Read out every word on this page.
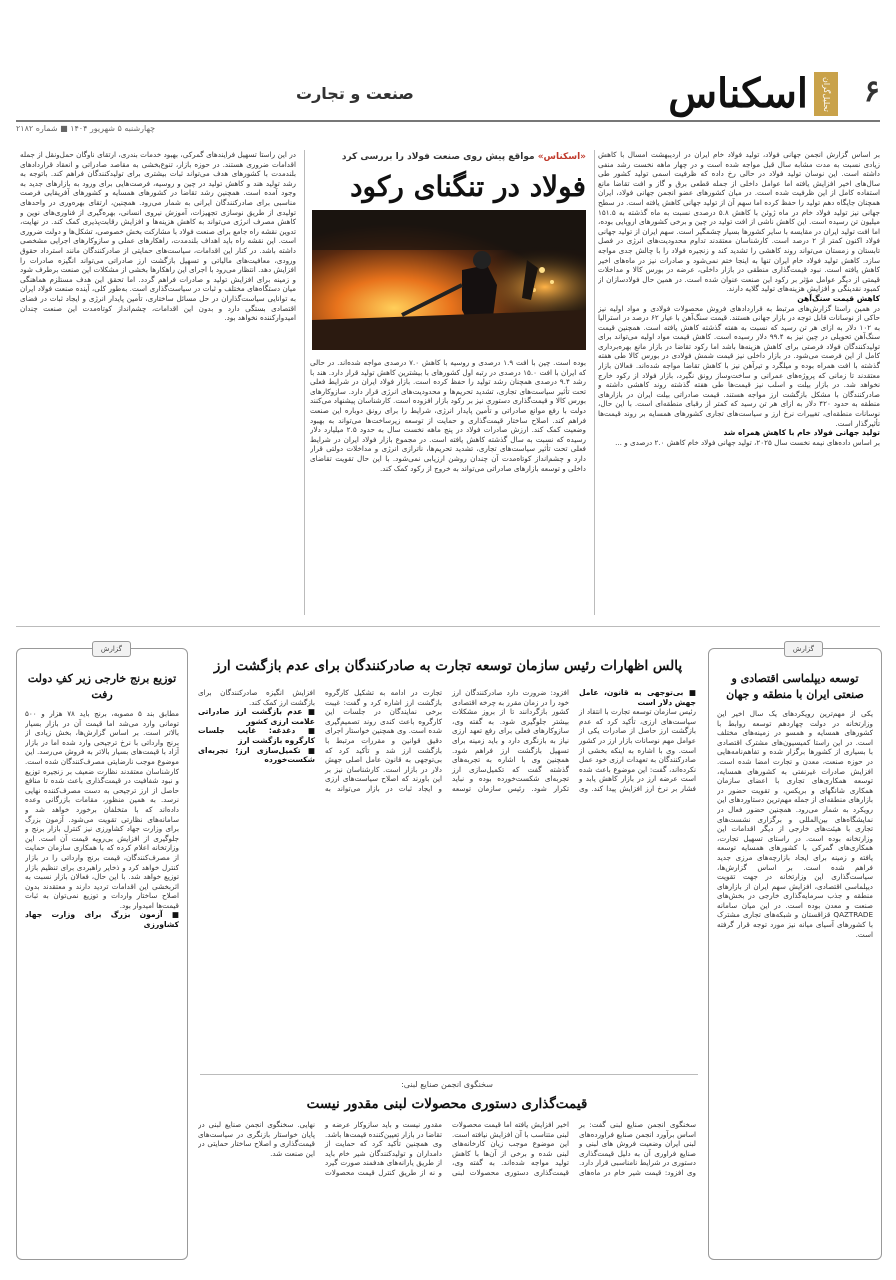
۶
تحلیل‌گران
اسکناس
صنعت و تجارت
چهارشنبه ۵ شهریور ۱۴۰۴ ■ شماره ۲۱۸۲
بر اساس گزارش انجمن جهانی فولاد، تولید فولاد خام ایران در اردیبهشت امسال با کاهش زیادی نسبت به مدت مشابه سال قبل مواجه شده است و در چهار ماهه نخست رشد منفی داشته است. این نوسان تولید فولاد در حالی رخ داده که ظرفیت اسمی تولید کشور طی سال‌های اخیر افزایش یافته اما عوامل داخلی از جمله قطعی برق و گاز و افت تقاضا مانع استفاده کامل از این ظرفیت شده است. در میان کشورهای عضو انجمن جهانی فولاد، ایران همچنان جایگاه دهم تولید را حفظ کرده اما سهم آن از تولید جهانی کاهش یافته است. در سطح جهانی نیز تولید فولاد خام در ماه ژوئن با کاهش ۵.۸ درصدی نسبت به ماه گذشته به ۱۵۱.۵ میلیون تن رسیده است. این کاهش ناشی از افت تولید در چین و برخی کشورهای اروپایی بوده، اما افت تولید ایران در مقایسه با سایر کشورها بسیار چشمگیر است. سهم ایران از تولید جهانی فولاد اکنون کمتر از ۲ درصد است. کارشناسان معتقدند تداوم محدودیت‌های انرژی در فصل تابستان و زمستان می‌تواند روند کاهشی را تشدید کند و زنجیره فولاد را با چالش جدی مواجه سازد. کاهش تولید فولاد خام ایران تنها به اینجا ختم نمی‌شود و صادرات نیز در ماه‌های اخیر کاهش یافته است. نبود قیمت‌گذاری منطقی در بازار داخلی، عرضه در بورس کالا و مداخلات قیمتی از دیگر عوامل مؤثر بر رکود این صنعت عنوان شده است. در همین حال فولادسازان از کمبود نقدینگی و افزایش هزینه‌های تولید گلایه دارند.
کاهش قیمت سنگ‌آهن
در همین راستا گزارش‌های مرتبط به قراردادهای فروش محصولات فولادی و مواد اولیه نیز حاکی از نوسانات قابل توجه در بازار جهانی هستند. قیمت سنگ‌آهن با عیار ۶۲ درصد در استرالیا به ۱۰۲ دلار به ازای هر تن رسید که نسبت به هفته گذشته کاهش یافته است. همچنین قیمت سنگ‌آهن تحویلی در چین نیز به ۹۹.۴ دلار رسیده است. کاهش قیمت مواد اولیه می‌تواند برای تولیدکنندگان فولاد فرصتی برای کاهش هزینه‌ها باشد اما رکود تقاضا در بازار مانع بهره‌برداری کامل از این فرصت می‌شود. در بازار داخلی نیز قیمت شمش فولادی در بورس کالا طی هفته گذشته با افت همراه بوده و میلگرد و تیرآهن نیز با کاهش تقاضا مواجه شده‌اند. فعالان بازار معتقدند تا زمانی که پروژه‌های عمرانی و ساخت‌وساز رونق نگیرد، بازار فولاد از رکود خارج نخواهد شد. در بازار بیلت و اسلب نیز قیمت‌ها طی هفته گذشته روند کاهشی داشته و صادرکنندگان با مشکل بازگشت ارز مواجه هستند. قیمت صادراتی بیلت ایران در بازارهای منطقه به حدود ۴۲۰ دلار به ازای هر تن رسید که کمتر از رقبای منطقه‌ای است. با این حال، نوسانات منطقه‌ای، تغییرات نرخ ارز و سیاست‌های تجاری کشورهای همسایه بر روند قیمت‌ها تأثیرگذار است.
تولید جهانی فولاد خام با کاهش همراه شد
بر اساس داده‌های نیمه نخست سال ۲۰۲۵، تولید جهانی فولاد خام کاهش ۲.۰ درصدی و ...
«اسکناس» مواقع پیش روی صنعت فولاد را بررسی کرد
فولاد در تنگنای رکود
بوده است. چین با افت ۱.۹ درصدی و روسیه با کاهش ۷.۰ درصدی مواجه شده‌اند. در حالی که ایران با افت ۱۵.۰ درصدی در رتبه اول کشورهای با بیشترین کاهش تولید قرار دارد. هند با رشد ۹.۴ درصدی همچنان رشد تولید را حفظ کرده است. بازار فولاد ایران در شرایط فعلی تحت تأثیر سیاست‌های تجاری، تشدید تحریم‌ها و محدودیت‌های انرژی قرار دارد. سازوکارهای بورس کالا و قیمت‌گذاری دستوری نیز بر رکود بازار افزوده است. کارشناسان پیشنهاد می‌کنند دولت با رفع موانع صادراتی و تأمین پایدار انرژی، شرایط را برای رونق دوباره این صنعت فراهم کند. اصلاح ساختار قیمت‌گذاری و حمایت از توسعه زیرساخت‌ها می‌تواند به بهبود وضعیت کمک کند. ارزش صادرات فولاد در پنج ماهه نخست سال به حدود ۲.۵ میلیارد دلار رسیده که نسبت به سال گذشته کاهش یافته است. در مجموع بازار فولاد ایران در شرایط فعلی تحت تأثیر سیاست‌های تجاری، تشدید تحریم‌ها، ناترازی انرژی و مداخلات دولتی قرار دارد و چشم‌انداز کوتاه‌مدت آن چندان روشن ارزیابی نمی‌شود. با این حال تقویت تقاضای داخلی و توسعه بازارهای صادراتی می‌تواند به خروج از رکود کمک کند.
در این راستا تسهیل فرایندهای گمرکی، بهبود خدمات بندری، ارتقای ناوگان حمل‌ونقل از جمله اقدامات ضروری هستند. در حوزه بازار، تنوع‌بخشی به مقاصد صادراتی و انعقاد قراردادهای بلندمدت با کشورهای هدف می‌تواند ثبات بیشتری برای تولیدکنندگان فراهم کند. باتوجه به رشد تولید هند و کاهش تولید در چین و روسیه، فرصت‌هایی برای ورود به بازارهای جدید به وجود آمده است. همچنین رشد تقاضا در کشورهای همسایه و کشورهای آفریقایی فرصت مناسبی برای صادرکنندگان ایرانی به شمار می‌رود. همچنین، ارتقای بهره‌وری در واحدهای تولیدی از طریق نوسازی تجهیزات، آموزش نیروی انسانی، بهره‌گیری از فناوری‌های نوین و کاهش مصرف انرژی می‌تواند به کاهش هزینه‌ها و افزایش رقابت‌پذیری کمک کند. در نهایت، تدوین نقشه راه جامع برای صنعت فولاد با مشارکت بخش خصوصی، تشکل‌ها و دولت ضروری است. این نقشه راه باید اهداف بلندمدت، راهکارهای عملی و سازوکارهای اجرایی مشخصی داشته باشد. در کنار این اقدامات، سیاست‌های حمایتی از صادرکنندگان مانند استرداد حقوق ورودی، معافیت‌های مالیاتی و تسهیل بازگشت ارز صادراتی می‌تواند انگیزه صادرات را افزایش دهد. انتظار می‌رود با اجرای این راهکارها بخشی از مشکلات این صنعت برطرف شود و زمینه برای افزایش تولید و صادرات فراهم گردد. اما تحقق این هدف مستلزم هماهنگی میان دستگاه‌های مختلف و ثبات در سیاست‌گذاری است. به‌طور کلی، آینده صنعت فولاد ایران به توانایی سیاست‌گذاران در حل مسائل ساختاری، تأمین پایدار انرژی و ایجاد ثبات در فضای اقتصادی بستگی دارد و بدون این اقدامات، چشم‌انداز کوتاه‌مدت این صنعت چندان امیدوارکننده نخواهد بود.
گزارش
توسعه دیپلماسی اقتصادی و صنعتی ایران با منطقه و جهان
یکی از مهم‌ترین رویکردهای یک سال اخیر این وزارتخانه در دولت چهاردهم توسعه روابط با کشورهای همسایه و همسو در زمینه‌های مختلف است. در این راستا کمیسیون‌های مشترک اقتصادی با بسیاری از کشورها برگزار شده و تفاهم‌نامه‌هایی در حوزه صنعت، معدن و تجارت امضا شده است. افزایش صادرات غیرنفتی به کشورهای همسایه، توسعه همکاری‌های تجاری با اعضای سازمان همکاری شانگهای و بریکس، و تقویت حضور در بازارهای منطقه‌ای از جمله مهم‌ترین دستاوردهای این رویکرد به شمار می‌رود. همچنین حضور فعال در نمایشگاه‌های بین‌المللی و برگزاری نشست‌های تجاری با هیئت‌های خارجی از دیگر اقدامات این وزارتخانه بوده است. در راستای تسهیل تجارت، همکاری‌های گمرکی با کشورهای همسایه توسعه یافته و زمینه برای ایجاد بازارچه‌های مرزی جدید فراهم شده است. بر اساس گزارش‌ها، سیاست‌گذاری این وزارتخانه در جهت تقویت دیپلماسی اقتصادی، افزایش سهم ایران از بازارهای منطقه و جذب سرمایه‌گذاری خارجی در بخش‌های صنعت و معدن بوده است. در این میان سامانه QAZTRADE قزاقستان و شبکه‌های تجاری مشترک با کشورهای آسیای میانه نیز مورد توجه قرار گرفته است.
پالس اظهارات رئیس سازمان توسعه تجارت به صادرکنندگان برای عدم بازگشت ارز
■ بی‌توجهی به قانون، عامل جهش دلار است
رئیس سازمان توسعه تجارت با انتقاد از سیاست‌های ارزی، تأکید کرد که عدم بازگشت ارز حاصل از صادرات یکی از عوامل مهم نوسانات بازار ارز در کشور است. وی با اشاره به اینکه بخشی از صادرکنندگان به تعهدات ارزی خود عمل نکرده‌اند، گفت: این موضوع باعث شده است عرضه ارز در بازار کاهش یابد و فشار بر نرخ ارز افزایش پیدا کند. وی افزود: ضرورت دارد صادرکنندگان ارز خود را در زمان مقرر به چرخه اقتصادی کشور بازگردانند تا از بروز مشکلات بیشتر جلوگیری شود. به گفته وی، سازوکارهای فعلی برای رفع تعهد ارزی نیاز به بازنگری دارد و باید زمینه برای تسهیل بازگشت ارز فراهم شود. همچنین وی با اشاره به تجربه‌های گذشته گفت که تکمیل‌سازی ارز تجربه‌ای شکست‌خورده بوده و نباید تکرار شود. رئیس سازمان توسعه تجارت در ادامه به تشکیل کارگروه بازگشت ارز اشاره کرد و گفت: غیبت برخی نمایندگان در جلسات این کارگروه باعث کندی روند تصمیم‌گیری شده است. وی همچنین خواستار اجرای دقیق قوانین و مقررات مرتبط با بازگشت ارز شد و تأکید کرد که بی‌توجهی به قانون عامل اصلی جهش دلار در بازار است. کارشناسان نیز بر این باورند که اصلاح سیاست‌های ارزی و ایجاد ثبات در بازار می‌تواند به افزایش انگیزه صادرکنندگان برای بازگشت ارز کمک کند.
■ عدم بازگشت ارز صادراتی علامت ارزی کشور
■ دغدغه: غایب جلسات کارگروه بازگشت ارز
■ تکمیل‌سازی ارز؛ تجربه‌ای شکست‌خورده
سخنگوی انجمن صنایع لبنی:
قیمت‌گذاری دستوری محصولات لبنی مقدور نیست
سخنگوی انجمن صنایع لبنی گفت: بر اساس برآورد انجمن صنایع فراورده‌های لبنی ایران وضعیت فروش های لبنی و صنایع فراوری آن به دلیل قیمت‌گذاری دستوری در شرایط نامناسبی قرار دارد. وی افزود: قیمت شیر خام در ماه‌های اخیر افزایش یافته اما قیمت محصولات لبنی متناسب با آن افزایش نیافته است. این موضوع موجب زیان کارخانه‌های لبنی شده و برخی از آن‌ها با کاهش تولید مواجه شده‌اند. به گفته وی، قیمت‌گذاری دستوری محصولات لبنی مقدور نیست و باید سازوکار عرضه و تقاضا در بازار تعیین‌کننده قیمت‌ها باشد. وی همچنین تأکید کرد که حمایت از دامداران و تولیدکنندگان شیر خام باید از طریق یارانه‌های هدفمند صورت گیرد و نه از طریق کنترل قیمت محصولات نهایی. سخنگوی انجمن صنایع لبنی در پایان خواستار بازنگری در سیاست‌های قیمت‌گذاری و اصلاح ساختار حمایتی در این صنعت شد.
گزارش
توزیع برنج خارجی زیر کفِ دولت رفت
مطابق بند ۵ مصوبه، برنج باید ۷۸ هزار و ۵۰۰ تومانی وارد می‌شد اما قیمت آن در بازار بسیار بالاتر است. بر اساس گزارش‌ها، بخش زیادی از برنج وارداتی با نرخ ترجیحی وارد شده اما در بازار آزاد با قیمت‌های بسیار بالاتر به فروش می‌رسد. این موضوع موجب نارضایتی مصرف‌کنندگان شده است. کارشناسان معتقدند نظارت ضعیف بر زنجیره توزیع و نبود شفافیت در قیمت‌گذاری باعث شده تا منافع حاصل از ارز ترجیحی به دست مصرف‌کننده نهایی نرسد. به همین منظور، مقامات بازرگانی وعده داده‌اند که با متخلفان برخورد خواهد شد و سامانه‌های نظارتی تقویت می‌شود. آزمون بزرگ برای وزارت جهاد کشاورزی نیز کنترل بازار برنج و جلوگیری از افزایش بی‌رویه قیمت آن است. این وزارتخانه اعلام کرده که با همکاری سازمان حمایت از مصرف‌کنندگان، قیمت برنج وارداتی را در بازار کنترل خواهد کرد و ذخایر راهبردی برای تنظیم بازار توزیع خواهد شد. با این حال، فعالان بازار نسبت به اثربخشی این اقدامات تردید دارند و معتقدند بدون اصلاح ساختار واردات و توزیع نمی‌توان به ثبات قیمت‌ها امیدوار بود.
■ آزمون بزرگ برای وزارت جهاد کشاورزی
